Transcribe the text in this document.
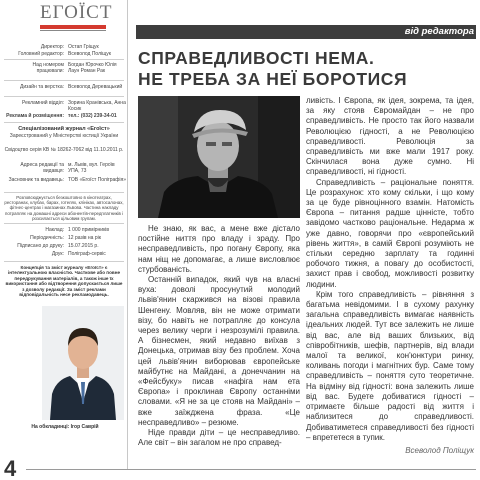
ЕГОЇСТ
Директор: Остап Гріщук
Головний редактор: Всеволод Поліщук
Над номером працювали:
Богдан Юрочко Юлія Лаун Роман Рак
Дизайн та верстка: Всеволод Деревацький
Рекламний відділ: Зорина Кранівська, Анна Косик
Реклама й розміщення: тел.: (032) 239-34-01
Спеціалізований журнал «Егоїст»
Зареєстрований у Міністерстві юстиції України
Свідоцтво серія КВ № 18262-7062 від 11.10.2011 р.
Адреса редакції та видавця:
м. Львів, вул. Героїв УПА, 73
Засновник та видавець: ТОВ «Егоїст Поліграфія»
Розповсюджується безкоштовно в кінотеатрах, ресторанах, клубах, барах, готелях, клініках, автосалонах, фітнес-центрах і магазинах Львова. Частина накладу потрапляє на домашні адреси абонентів-передплатників і розсилається цільовим групам.
Наклад: 1 000 примірників
Періодичність: 12 разів на рік
Підписано до друку: 15.07.2015 р.
Друк: Поліграф-сервіс
Концепція та зміст журналу «Егоїст» є інтелектуальною власністю. Часткове або повне передрукування матеріалів, а також інше їх використання або відтворення допускається лише з дозволу редакції. За зміст реклами відповідальність несе рекламодавець.
На обкладинці: Ігор Саврій
від редактора
СПРАВЕДЛИВОСТІ НЕМА.
НЕ ТРЕБА ЗА НЕЇ БОРОТИСЯ

Не знаю, як вас, а мене вже дістало постійне ниття про владу і зраду. Про несправедливість, про погану Європу, яка нам ніщ не допомагає, а лише висловлює стурбованість.

Останній випадок, який чув на власні вуха: доволі просунутий молодий львів'янин скаржився на візові правила Шенгену. Мовляв, він не може отримати візу, бо навіть не потрапляє до консула через велику черги і незрозумілі правила. А бізнесмен, який недавно виїхав з Донецька, отримав візу без проблем. Хоча цей львів'янин виборював європейське майбутнє на Майдані, а донеччанин на «Фейсбуку» писав «нафіга нам ета Європа» і проклинав Європу останніми словами. «Я не за це стояв на Майдані» – вже заїжджена фраза. «Це несправедливо» – резюме.

Ніде правди діти – це несправедливо. Але світ – він загалом не про справед-

ливість. І Європа, як ідея, зокрема, та ідея, за яку стояв Євромайдан – не про справедливість. Не просто так його назвали Революцією гідності, а не Революцією справедливості. Революція за справедливість ми вже мали 1917 року. Скінчилася вона дуже сумно. Ні справедливості, ні гідності.

Справедливість – раціональне поняття. Це розрахунок: хто кому скільки, і що кому за це буде рівноцінного взамін. Натомість Європа – питання радше цінністе, тобто завідомо частково раціональне. Недарма ж уже давно, говорячи про «європейський рівень життя», в самій Європі розуміють не стільки середню зарплату та годинні робочого тижня, а повагу до особистості, захист прав і свобод, можливості розвитку людини.

Крім того справедливість – рівняння з багатьма невідомими. І в сухому рахунку загальна справедливість вимагає наявність ідеальних людей. Тут все залежить не лише від вас, але від ваших близьких, від співробітників, шефів, партнерів, від влади малої та великої, кон'юнктури ринку, коливань погоди і магнітних бур. Саме тому справедливість – поняття суто теоретичне. На відміну від гідності: вона залежить лише від вас. Будете добиватися гідності – отримаєте більше радості від життя і наблизитеся до справедливості. Добиватиметеся справедливості без гідності – впрететеся в тупик.

Всеволод Поліщук
4
